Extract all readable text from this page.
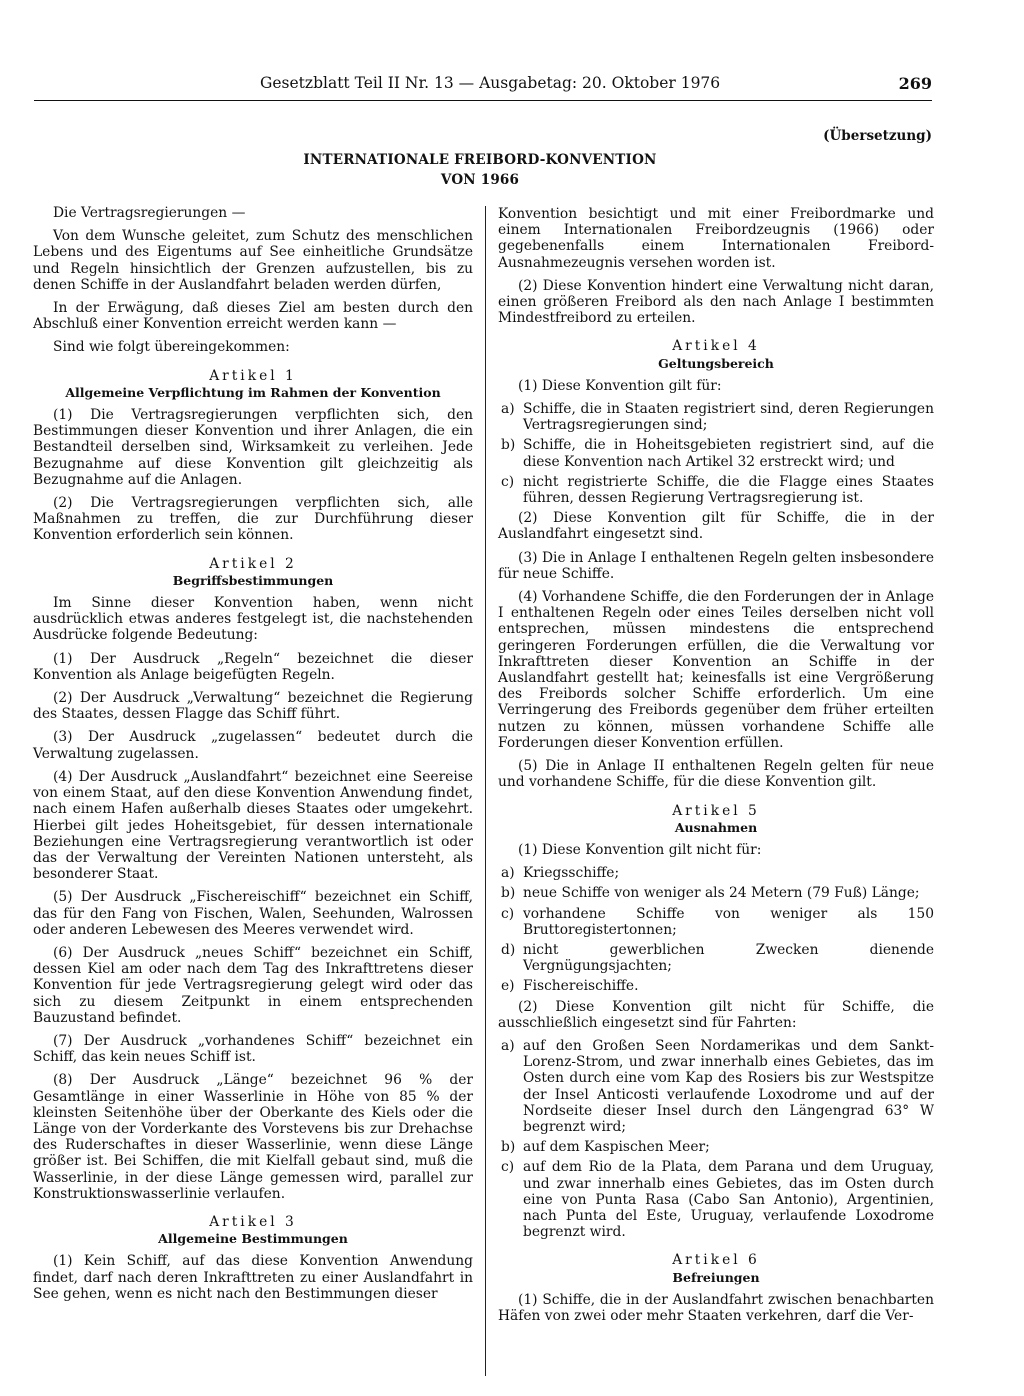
Gesetzblatt Teil II Nr. 13 — Ausgabetag: 20. Oktober 1976	269
(Übersetzung)
INTERNATIONALE FREIBORD-KONVENTION
VON 1966

Die Vertragsregierungen —

Von dem Wunsche geleitet, zum Schutz des menschlichen Lebens und des Eigentums auf See einheitliche Grundsätze und Regeln hinsichtlich der Grenzen aufzustellen, bis zu denen Schiffe in der Auslandfahrt beladen werden dürfen,

In der Erwägung, daß dieses Ziel am besten durch den Abschluß einer Konvention erreicht werden kann —

Sind wie folgt übereingekommen:

Artikel 1
Allgemeine Verpflichtung im Rahmen der Konvention

(1) Die Vertragsregierungen verpflichten sich, den Bestimmungen dieser Konvention und ihrer Anlagen, die ein Bestandteil derselben sind, Wirksamkeit zu verleihen. Jede Bezugnahme auf diese Konvention gilt gleichzeitig als Bezugnahme auf die Anlagen.

(2) Die Vertragsregierungen verpflichten sich, alle Maßnahmen zu treffen, die zur Durchführung dieser Konvention erforderlich sein können.

Artikel 2
Begriffsbestimmungen

Im Sinne dieser Konvention haben, wenn nicht ausdrücklich etwas anderes festgelegt ist, die nachstehenden Ausdrücke folgende Bedeutung:

(1) Der Ausdruck „Regeln“ bezeichnet die dieser Konvention als Anlage beigefügten Regeln.

(2) Der Ausdruck „Verwaltung“ bezeichnet die Regierung des Staates, dessen Flagge das Schiff führt.

(3) Der Ausdruck „zugelassen“ bedeutet durch die Verwaltung zugelassen.

(4) Der Ausdruck „Auslandfahrt“ bezeichnet eine Seereise von einem Staat, auf den diese Konvention Anwendung findet, nach einem Hafen außerhalb dieses Staates oder umgekehrt. Hierbei gilt jedes Hoheitsgebiet, für dessen internationale Beziehungen eine Vertragsregierung verantwortlich ist oder das der Verwaltung der Vereinten Nationen untersteht, als besonderer Staat.

(5) Der Ausdruck „Fischereischiff“ bezeichnet ein Schiff, das für den Fang von Fischen, Walen, Seehunden, Walrossen oder anderen Lebewesen des Meeres verwendet wird.

(6) Der Ausdruck „neues Schiff“ bezeichnet ein Schiff, dessen Kiel am oder nach dem Tag des Inkrafttretens dieser Konvention für jede Vertragsregierung gelegt wird oder das sich zu diesem Zeitpunkt in einem entsprechenden Bauzustand befindet.

(7) Der Ausdruck „vorhandenes Schiff“ bezeichnet ein Schiff, das kein neues Schiff ist.

(8) Der Ausdruck „Länge“ bezeichnet 96 % der Gesamtlänge in einer Wasserlinie in Höhe von 85 % der kleinsten Seitenhöhe über der Oberkante des Kiels oder die Länge von der Vorderkante des Vorstevens bis zur Drehachse des Ruderschaftes in dieser Wasserlinie, wenn diese Länge größer ist. Bei Schiffen, die mit Kielfall gebaut sind, muß die Wasserlinie, in der diese Länge gemessen wird, parallel zur Konstruktionswasserlinie verlaufen.

Artikel 3
Allgemeine Bestimmungen

(1) Kein Schiff, auf das diese Konvention Anwendung findet, darf nach deren Inkrafttreten zu einer Auslandfahrt in See gehen, wenn es nicht nach den Bestimmungen dieser

Konvention besichtigt und mit einer Freibordmarke und einem Internationalen Freibordzeugnis (1966) oder gegebenenfalls einem Internationalen Freibord-Ausnahmezeugnis versehen worden ist.

(2) Diese Konvention hindert eine Verwaltung nicht daran, einen größeren Freibord als den nach Anlage I bestimmten Mindestfreibord zu erteilen.

Artikel 4
Geltungsbereich

(1) Diese Konvention gilt für:

a) Schiffe, die in Staaten registriert sind, deren Regierungen Vertragsregierungen sind;
b) Schiffe, die in Hoheitsgebieten registriert sind, auf die diese Konvention nach Artikel 32 erstreckt wird; und
c) nicht registrierte Schiffe, die die Flagge eines Staates führen, dessen Regierung Vertragsregierung ist.

(2) Diese Konvention gilt für Schiffe, die in der Auslandfahrt eingesetzt sind.

(3) Die in Anlage I enthaltenen Regeln gelten insbesondere für neue Schiffe.

(4) Vorhandene Schiffe, die den Forderungen der in Anlage I enthaltenen Regeln oder eines Teiles derselben nicht voll entsprechen, müssen mindestens die entsprechend geringeren Forderungen erfüllen, die die Verwaltung vor Inkrafttreten dieser Konvention an Schiffe in der Auslandfahrt gestellt hat; keinesfalls ist eine Vergrößerung des Freibords solcher Schiffe erforderlich. Um eine Verringerung des Freibords gegenüber dem früher erteilten nutzen zu können, müssen vorhandene Schiffe alle Forderungen dieser Konvention erfüllen.

(5) Die in Anlage II enthaltenen Regeln gelten für neue und vorhandene Schiffe, für die diese Konvention gilt.

Artikel 5
Ausnahmen

(1) Diese Konvention gilt nicht für:

a) Kriegsschiffe;
b) neue Schiffe von weniger als 24 Metern (79 Fuß) Länge;
c) vorhandene Schiffe von weniger als 150 Bruttoregistertonnen;
d) nicht gewerblichen Zwecken dienende Vergnügungsjachten;
e) Fischereischiffe.

(2) Diese Konvention gilt nicht für Schiffe, die ausschließlich eingesetzt sind für Fahrten:

a) auf den Großen Seen Nordamerikas und dem Sankt-Lorenz-Strom, und zwar innerhalb eines Gebietes, das im Osten durch eine vom Kap des Rosiers bis zur Westspitze der Insel Anticosti verlaufende Loxodrome und auf der Nordseite dieser Insel durch den Längengrad 63° W begrenzt wird;
b) auf dem Kaspischen Meer;
c) auf dem Rio de la Plata, dem Parana und dem Uruguay, und zwar innerhalb eines Gebietes, das im Osten durch eine von Punta Rasa (Cabo San Antonio), Argentinien, nach Punta del Este, Uruguay, verlaufende Loxodrome begrenzt wird.
Artikel 6
Befreiungen

(1) Schiffe, die in der Auslandfahrt zwischen benachbarten Häfen von zwei oder mehr Staaten verkehren, darf die Ver-
